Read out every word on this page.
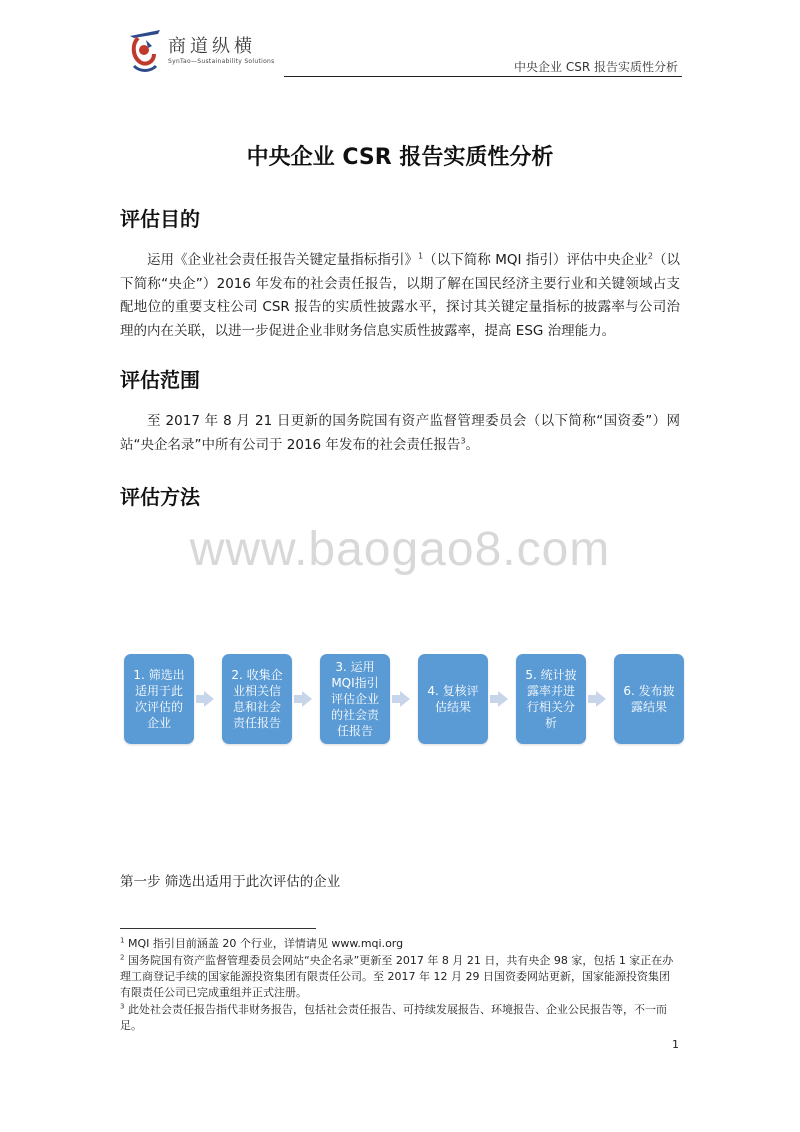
商道纵横
SynTao—Sustainability Solutions	中央企业 CSR 报告实质性分析
中央企业 CSR 报告实质性分析
评估目的
运用《企业社会责任报告关键定量指标指引》$^1$（以下简称 MQI 指引）评估中央企业$^2$（以下简称“央企”）2016 年发布的社会责任报告，以期了解在国民经济主要行业和关键领域占支配地位的重要支柱公司 CSR 报告的实质性披露水平，探讨其关键定量指标的披露率与公司治理的内在关联，以进一步促进企业非财务信息实质性披露率，提高 ESG 治理能力。
评估范围
至 2017 年 8 月 21 日更新的国务院国有资产监督管理委员会（以下简称“国资委”）网站“央企名录”中所有公司于 2016 年发布的社会责任报告$^3$。
评估方法
www.baogao8.com
1. 筛选出适用于此次评估的企业
2. 收集企业相关信息和社会责任报告
3. 运用MQI指引评估企业的社会责任报告
4. 复核评估结果
5. 统计披露率并进行相关分析
6. 发布披露结果
第一步 筛选出适用于此次评估的企业
$^1$ MQI 指引目前涵盖 20 个行业，详情请见 www.mqi.org
$^2$ 国务院国有资产监督管理委员会网站“央企名录”更新至 2017 年 8 月 21 日，共有央企 98 家，包括 1 家正在办理工商登记手续的国家能源投资集团有限责任公司。至 2017 年 12 月 29 日国资委网站更新，国家能源投资集团有限责任公司已完成重组并正式注册。
$^3$ 此处社会责任报告指代非财务报告，包括社会责任报告、可持续发展报告、环境报告、企业公民报告等，不一而足。
1
